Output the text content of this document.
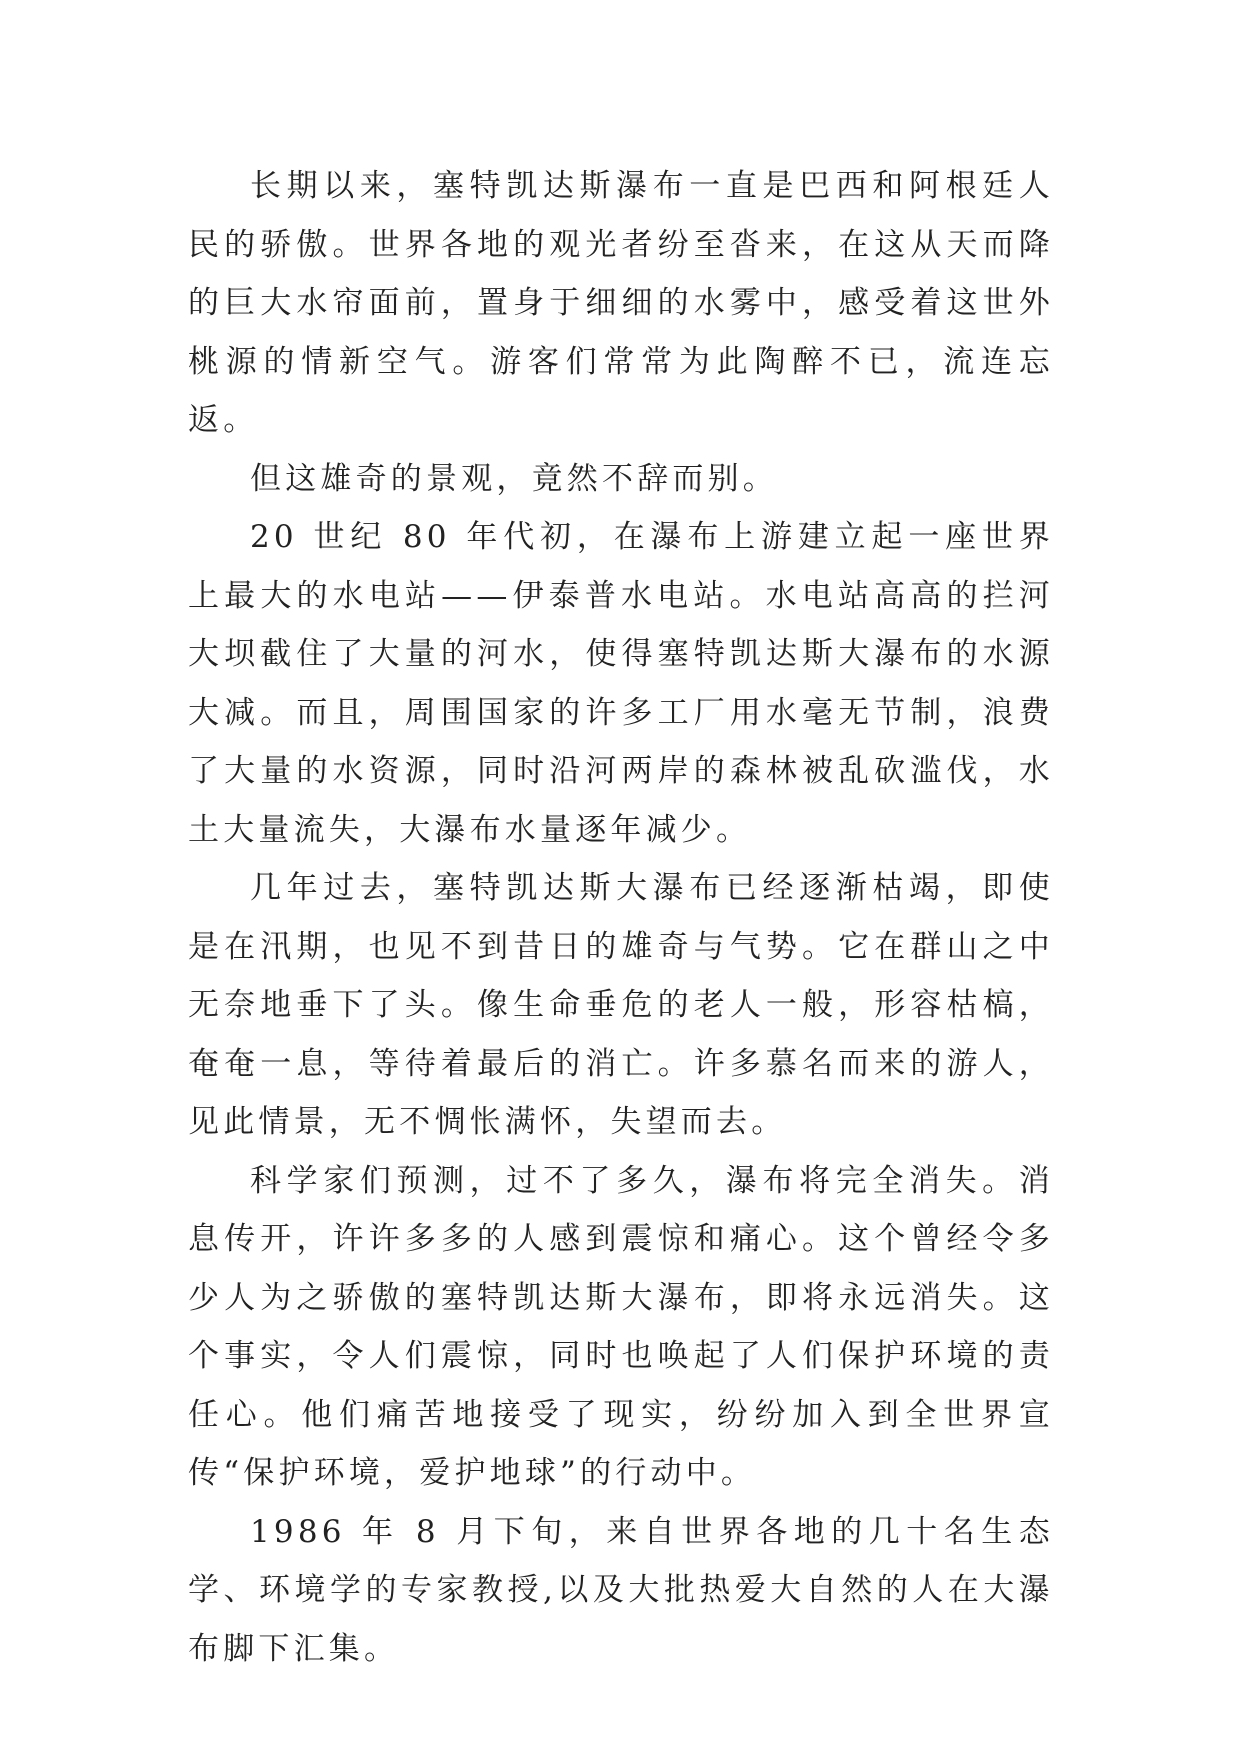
长期以来，塞特凯达斯瀑布一直是巴西和阿根廷人民的骄傲。世界各地的观光者纷至沓来，在这从天而降的巨大水帘面前，置身于细细的水雾中，感受着这世外桃源的情新空气。游客们常常为此陶醉不已，流连忘返。

但这雄奇的景观，竟然不辞而别。

20 世纪 80 年代初，在瀑布上游建立起一座世界上最大的水电站——伊泰普水电站。水电站高高的拦河大坝截住了大量的河水，使得塞特凯达斯大瀑布的水源大减。而且，周围国家的许多工厂用水毫无节制，浪费了大量的水资源，同时沿河两岸的森林被乱砍滥伐，水土大量流失，大瀑布水量逐年减少。

几年过去，塞特凯达斯大瀑布已经逐渐枯竭，即使是在汛期，也见不到昔日的雄奇与气势。它在群山之中无奈地垂下了头。像生命垂危的老人一般，形容枯槁，奄奄一息，等待着最后的消亡。许多慕名而来的游人，见此情景，无不惆怅满怀，失望而去。

科学家们预测，过不了多久，瀑布将完全消失。消息传开，许许多多的人感到震惊和痛心。这个曾经令多少人为之骄傲的塞特凯达斯大瀑布，即将永远消失。这个事实，令人们震惊，同时也唤起了人们保护环境的责任心。他们痛苦地接受了现实，纷纷加入到全世界宣传“保护环境，爱护地球”的行动中。

1986 年 8 月下旬，来自世界各地的几十名生态学、环境学的专家教授,以及大批热爱大自然的人在大瀑布脚下汇集。
